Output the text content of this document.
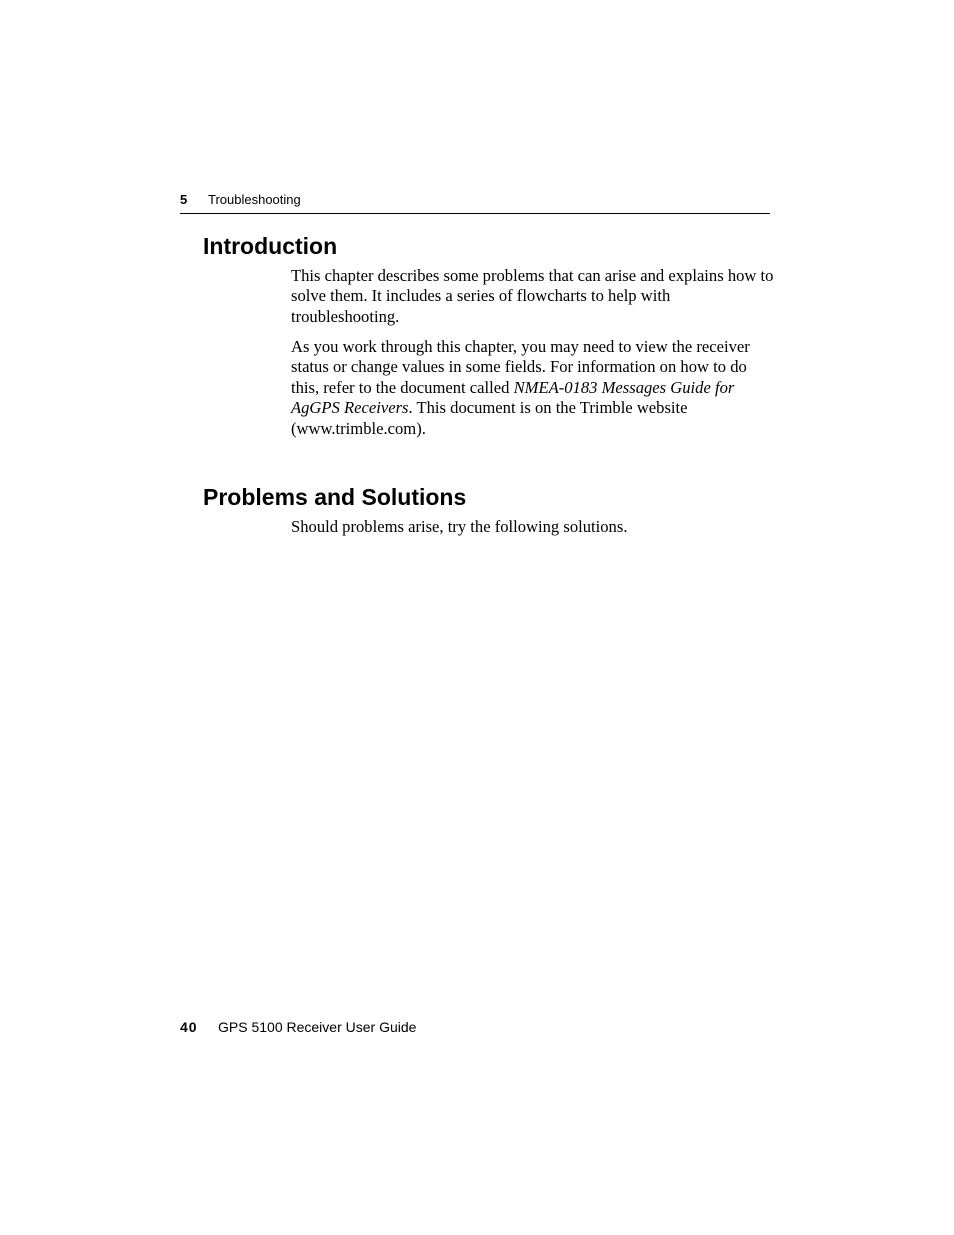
5 Troubleshooting
Introduction

This chapter describes some problems that can arise and explains how to solve them. It includes a series of flowcharts to help with troubleshooting.

As you work through this chapter, you may need to view the receiver status or change values in some fields. For information on how to do this, refer to the document called NMEA-0183 Messages Guide for AgGPS Receivers. This document is on the Trimble website (www.trimble.com).

Problems and Solutions

Should problems arise, try the following solutions.

40 GPS 5100 Receiver User Guide
